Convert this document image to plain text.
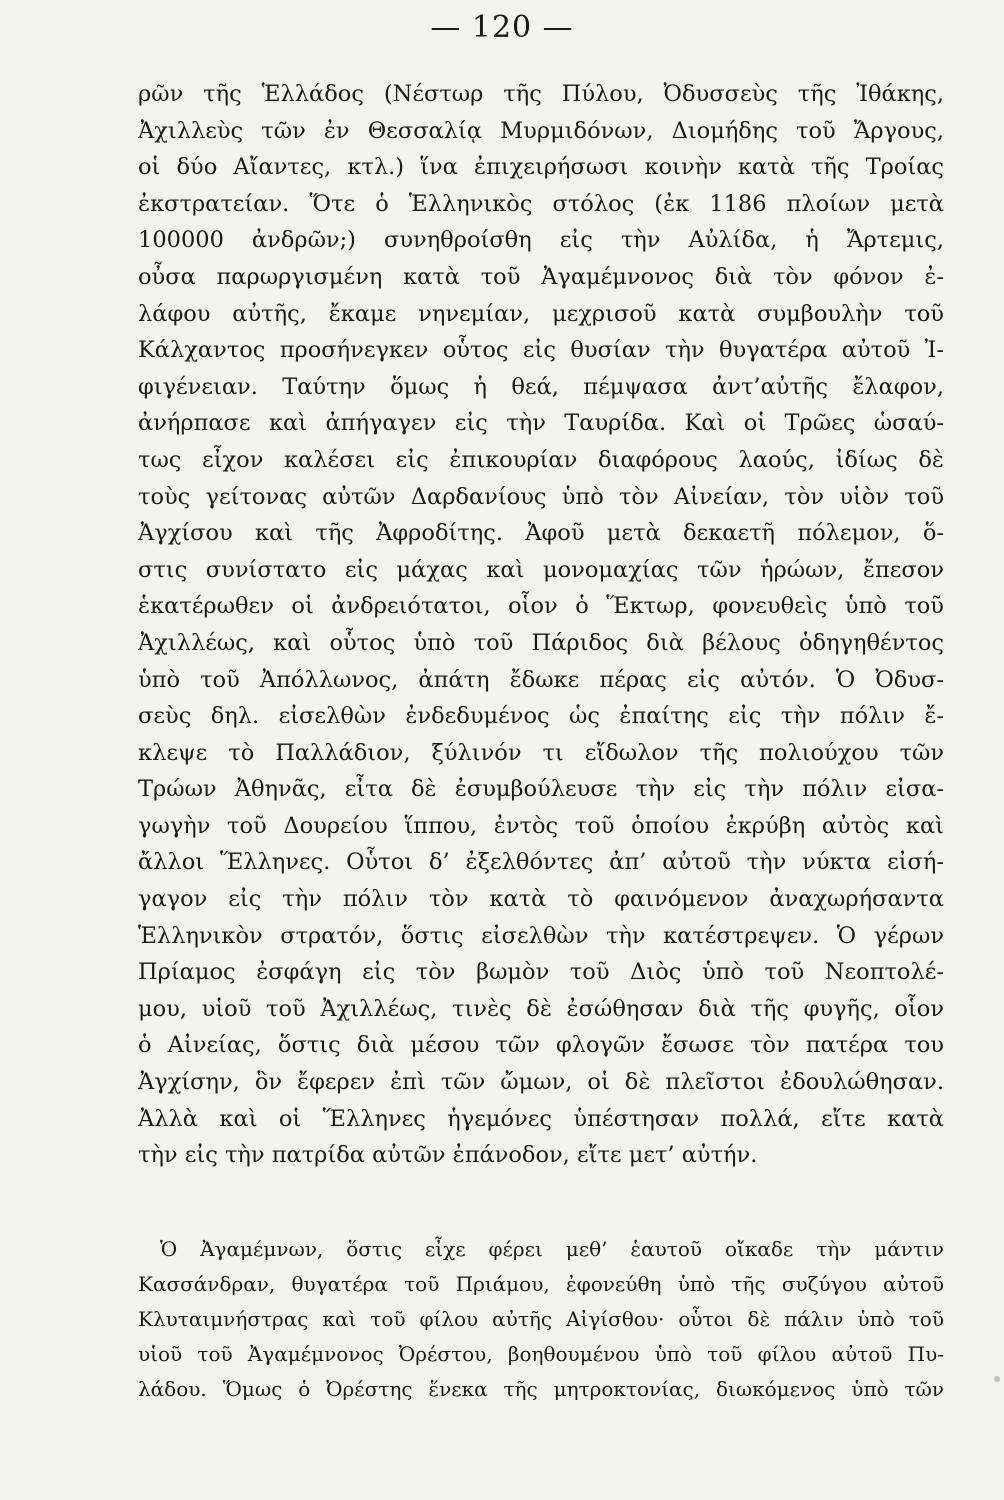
— 120 —
ρῶν τῆς Ἑλλάδος (Νέστωρ τῆς Πύλου, Ὀδυσσεὺς τῆς Ἰθάκης,
Ἀχιλλεὺς τῶν ἐν Θεσσαλίᾳ Μυρμιδόνων, Διομήδης τοῦ Ἄργους,
οἱ δύο Αἴαντες, κτλ.) ἵνα ἐπιχειρήσωσι κοινὴν κατὰ τῆς Τροίας
ἐκστρατείαν. Ὅτε ὁ Ἑλληνικὸς στόλος (ἐκ 1186 πλοίων μετὰ
100000 ἀνδρῶν;) συνηθροίσθη εἰς τὴν Αὐλίδα, ἡ Ἄρτεμις,
οὖσα παρωργισμένη κατὰ τοῦ Ἀγαμέμνονος διὰ τὸν φόνον ἐ-
λάφου αὐτῆς, ἔκαμε νηνεμίαν, μεχρισοῦ κατὰ συμβουλὴν τοῦ
Κάλχαντος προσήνεγκεν οὗτος εἰς θυσίαν τὴν θυγατέρα αὐτοῦ Ἰ-
φιγένειαν. Ταύτην ὅμως ἡ θεά, πέμψασα ἀντ’αὐτῆς ἔλαφον,
ἀνήρπασε καὶ ἀπήγαγεν εἰς τὴν Ταυρίδα. Καὶ οἱ Τρῶες ὡσαύ-
τως εἶχον καλέσει εἰς ἐπικουρίαν διαφόρους λαούς, ἰδίως δὲ
τοὺς γείτονας αὐτῶν Δαρδανίους ὑπὸ τὸν Αἰνείαν, τὸν υἱὸν τοῦ
Ἀγχίσου καὶ τῆς Ἀφροδίτης. Ἀφοῦ μετὰ δεκαετῆ πόλεμον, ὅ-
στις συνίστατο εἰς μάχας καὶ μονομαχίας τῶν ἡρώων, ἔπεσον
ἑκατέρωθεν οἱ ἀνδρειότατοι, οἷον ὁ Ἕκτωρ, φονευθεὶς ὑπὸ τοῦ
Ἀχιλλέως, καὶ οὗτος ὑπὸ τοῦ Πάριδος διὰ βέλους ὁδηγηθέντος
ὑπὸ τοῦ Ἀπόλλωνος, ἀπάτη ἔδωκε πέρας εἰς αὐτόν. Ὁ Ὀδυσ-
σεὺς δηλ. εἰσελθὼν ἐνδεδυμένος ὡς ἐπαίτης εἰς τὴν πόλιν ἔ-
κλεψε τὸ Παλλάδιον, ξύλινόν τι εἴδωλον τῆς πολιούχου τῶν
Τρώων Ἀθηνᾶς, εἶτα δὲ ἐσυμβούλευσε τὴν εἰς τὴν πόλιν εἰσα-
γωγὴν τοῦ Δουρείου ἵππου, ἐντὸς τοῦ ὁποίου ἐκρύβη αὐτὸς καὶ
ἄλλοι Ἕλληνες. Οὗτοι δ’ ἐξελθόντες ἀπ’ αὐτοῦ τὴν νύκτα εἰσή-
γαγον εἰς τὴν πόλιν τὸν κατὰ τὸ φαινόμενον ἀναχωρήσαντα
Ἑλληνικὸν στρατόν, ὅστις εἰσελθὼν τὴν κατέστρεψεν. Ὁ γέρων
Πρίαμος ἐσφάγη εἰς τὸν βωμὸν τοῦ Διὸς ὑπὸ τοῦ Νεοπτολέ-
μου, υἱοῦ τοῦ Ἀχιλλέως, τινὲς δὲ ἐσώθησαν διὰ τῆς φυγῆς, οἷον
ὁ Αἰνείας, ὅστις διὰ μέσου τῶν φλογῶν ἔσωσε τὸν πατέρα του
Ἀγχίσην, ὃν ἔφερεν ἐπὶ τῶν ὤμων, οἱ δὲ πλεῖστοι ἐδουλώθησαν.
Ἀλλὰ καὶ οἱ Ἕλληνες ἡγεμόνες ὑπέστησαν πολλά, εἴτε κατὰ
τὴν εἰς τὴν πατρίδα αὐτῶν ἐπάνοδον, εἴτε μετ’ αὐτήν.
Ὁ Ἀγαμέμνων, ὅστις εἶχε φέρει μεθ’ ἑαυτοῦ οἴκαδε τὴν μάντιν
Κασσάνδραν, θυγατέρα τοῦ Πριάμου, ἐφονεύθη ὑπὸ τῆς συζύγου αὐτοῦ
Κλυταιμνήστρας καὶ τοῦ φίλου αὐτῆς Αἰγίσθου· οὗτοι δὲ πάλιν ὑπὸ τοῦ
υἱοῦ τοῦ Ἀγαμέμνονος Ὀρέστου, βοηθουμένου ὑπὸ τοῦ φίλου αὐτοῦ Πυ-
λάδου. Ὅμως ὁ Ὀρέστης ἕνεκα τῆς μητροκτονίας, διωκόμενος ὑπὸ τῶν
